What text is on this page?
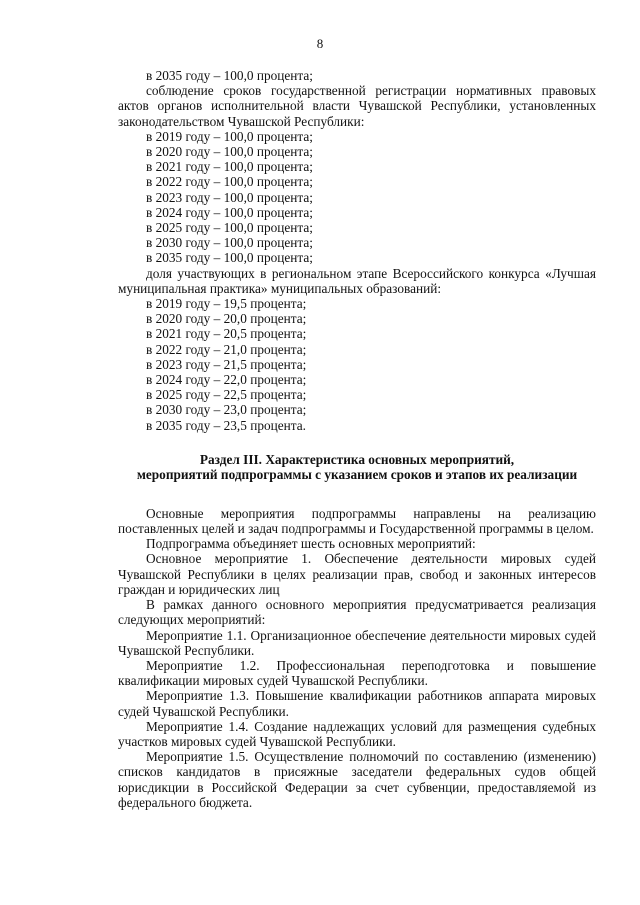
8

в 2035 году – 100,0 процента;

соблюдение сроков государственной регистрации нормативных правовых актов органов исполнительной власти Чувашской Республики, установленных законодательством Чувашской Республики:

в 2019 году – 100,0 процента;

в 2020 году – 100,0 процента;

в 2021 году – 100,0 процента;

в 2022 году – 100,0 процента;

в 2023 году – 100,0 процента;

в 2024 году – 100,0 процента;

в 2025 году – 100,0 процента;

в 2030 году – 100,0 процента;

в 2035 году – 100,0 процента;

доля участвующих в региональном этапе Всероссийского конкурса «Лучшая муниципальная практика» муниципальных образований:

в 2019 году – 19,5 процента;

в 2020 году – 20,0 процента;

в 2021 году – 20,5 процента;

в 2022 году – 21,0 процента;

в 2023 году – 21,5 процента;

в 2024 году – 22,0 процента;

в 2025 году – 22,5 процента;

в 2030 году – 23,0 процента;

в 2035 году – 23,5 процента.

Раздел III. Характеристика основных мероприятий,
мероприятий подпрограммы с указанием сроков и этапов их реализации

Основные мероприятия подпрограммы направлены на реализацию поставленных целей и задач подпрограммы и Государственной программы в целом.

Подпрограмма объединяет шесть основных мероприятий:

Основное мероприятие 1. Обеспечение деятельности мировых судей Чувашской Республики в целях реализации прав, свобод и законных интересов граждан и юридических лиц

В рамках данного основного мероприятия предусматривается реализация следующих мероприятий:

Мероприятие 1.1. Организационное обеспечение деятельности мировых судей Чувашской Республики.

Мероприятие 1.2. Профессиональная переподготовка и повышение квалификации мировых судей Чувашской Республики.

Мероприятие 1.3. Повышение квалификации работников аппарата мировых судей Чувашской Республики.

Мероприятие 1.4. Создание надлежащих условий для размещения судебных участков мировых судей Чувашской Республики.

Мероприятие 1.5. Осуществление полномочий по составлению (изменению) списков кандидатов в присяжные заседатели федеральных судов общей юрисдикции в Российской Федерации за счет субвенции, предоставляемой из федерального бюджета.
